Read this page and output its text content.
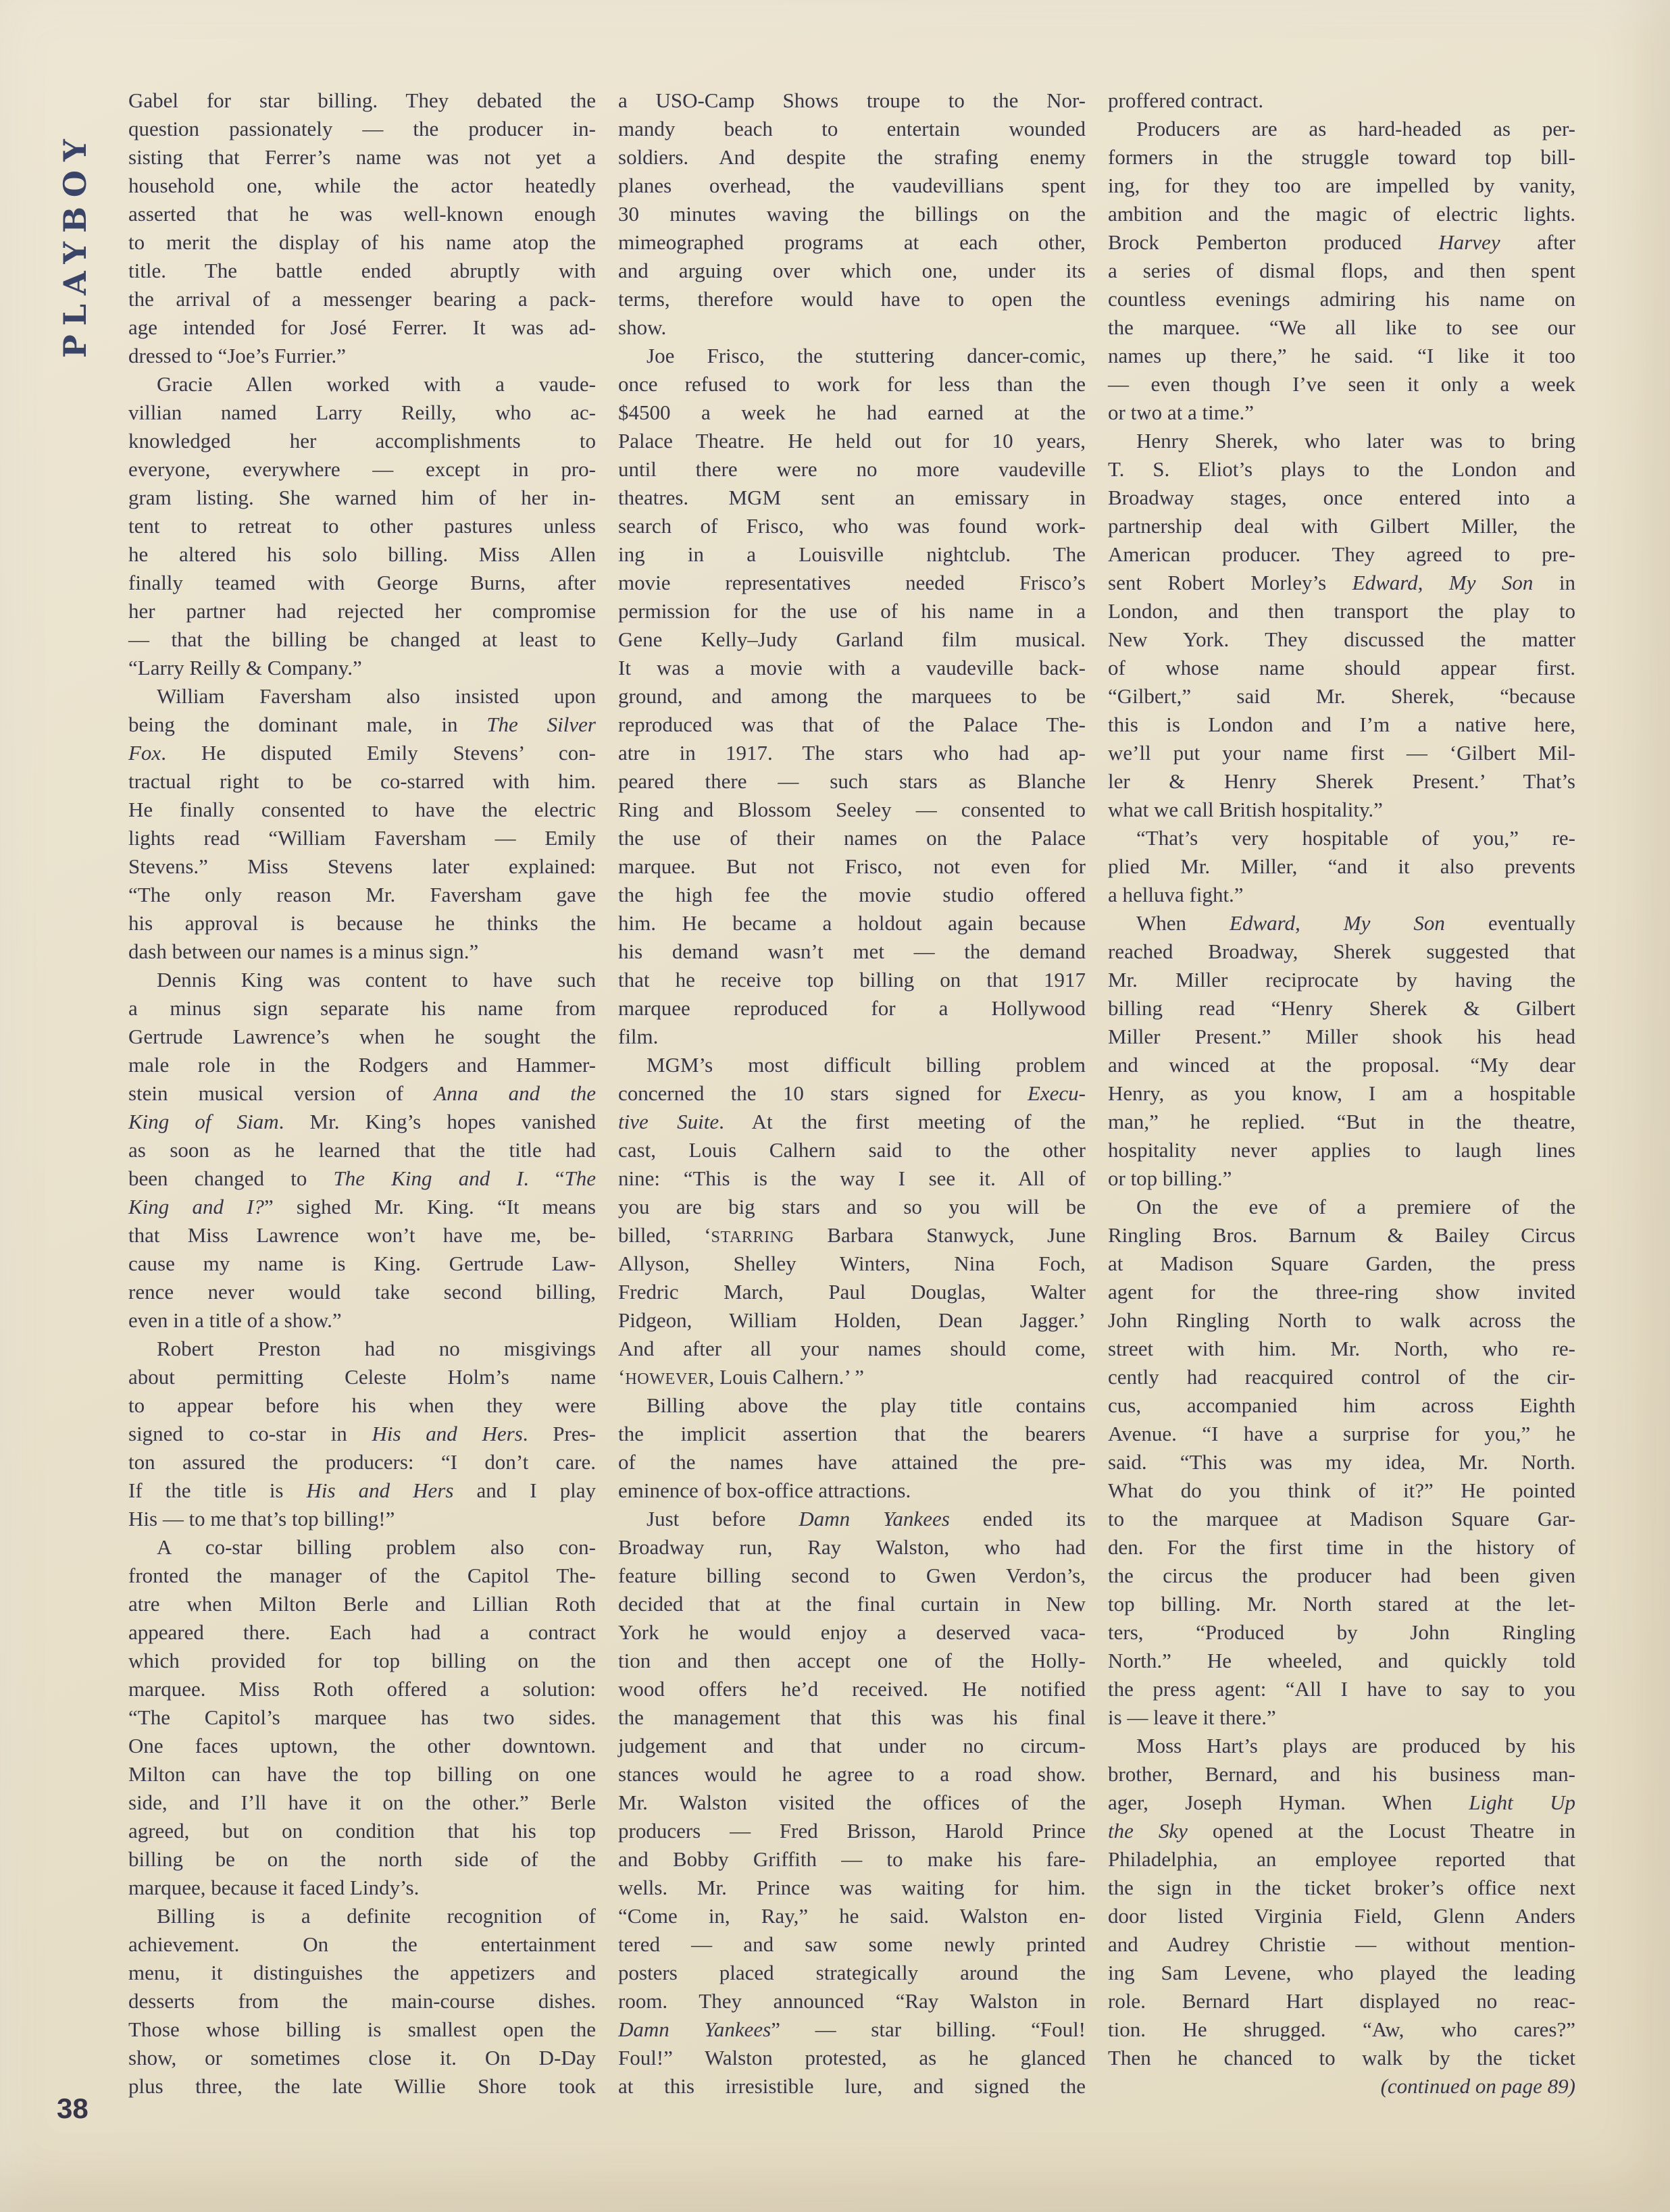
PLAYBOY
38
Gabel for star billing. They debated the
question passionately — the producer in-
sisting that Ferrer’s name was not yet a
household one, while the actor heatedly
asserted that he was well-known enough
to merit the display of his name atop the
title. The battle ended abruptly with
the arrival of a messenger bearing a pack-
age intended for José Ferrer. It was ad-
dressed to “Joe’s Furrier.”
Gracie Allen worked with a vaude-
villian named Larry Reilly, who ac-
knowledged her accomplishments to
everyone, everywhere — except in pro-
gram listing. She warned him of her in-
tent to retreat to other pastures unless
he altered his solo billing. Miss Allen
finally teamed with George Burns, after
her partner had rejected her compromise
— that the billing be changed at least to
“Larry Reilly & Company.”
William Faversham also insisted upon
being the dominant male, in The Silver
Fox. He disputed Emily Stevens’ con-
tractual right to be co-starred with him.
He finally consented to have the electric
lights read “William Faversham — Emily
Stevens.” Miss Stevens later explained:
“The only reason Mr. Faversham gave
his approval is because he thinks the
dash between our names is a minus sign.”
Dennis King was content to have such
a minus sign separate his name from
Gertrude Lawrence’s when he sought the
male role in the Rodgers and Hammer-
stein musical version of Anna and the
King of Siam. Mr. King’s hopes vanished
as soon as he learned that the title had
been changed to The King and I. “The
King and I?” sighed Mr. King. “It means
that Miss Lawrence won’t have me, be-
cause my name is King. Gertrude Law-
rence never would take second billing,
even in a title of a show.”
Robert Preston had no misgivings
about permitting Celeste Holm’s name
to appear before his when they were
signed to co-star in His and Hers. Pres-
ton assured the producers: “I don’t care.
If the title is His and Hers and I play
His — to me that’s top billing!”
A co-star billing problem also con-
fronted the manager of the Capitol The-
atre when Milton Berle and Lillian Roth
appeared there. Each had a contract
which provided for top billing on the
marquee. Miss Roth offered a solution:
“The Capitol’s marquee has two sides.
One faces uptown, the other downtown.
Milton can have the top billing on one
side, and I’ll have it on the other.” Berle
agreed, but on condition that his top
billing be on the north side of the
marquee, because it faced Lindy’s.
Billing is a definite recognition of
achievement. On the entertainment
menu, it distinguishes the appetizers and
desserts from the main-course dishes.
Those whose billing is smallest open the
show, or sometimes close it. On D-Day
plus three, the late Willie Shore took
a USO-Camp Shows troupe to the Nor-
mandy beach to entertain wounded
soldiers. And despite the strafing enemy
planes overhead, the vaudevillians spent
30 minutes waving the billings on the
mimeographed programs at each other,
and arguing over which one, under its
terms, therefore would have to open the
show.
Joe Frisco, the stuttering dancer-comic,
once refused to work for less than the
$4500 a week he had earned at the
Palace Theatre. He held out for 10 years,
until there were no more vaudeville
theatres. MGM sent an emissary in
search of Frisco, who was found work-
ing in a Louisville nightclub. The
movie representatives needed Frisco’s
permission for the use of his name in a
Gene Kelly–Judy Garland film musical.
It was a movie with a vaudeville back-
ground, and among the marquees to be
reproduced was that of the Palace The-
atre in 1917. The stars who had ap-
peared there — such stars as Blanche
Ring and Blossom Seeley — consented to
the use of their names on the Palace
marquee. But not Frisco, not even for
the high fee the movie studio offered
him. He became a holdout again because
his demand wasn’t met — the demand
that he receive top billing on that 1917
marquee reproduced for a Hollywood
film.
MGM’s most difficult billing problem
concerned the 10 stars signed for Execu-
tive Suite. At the first meeting of the
cast, Louis Calhern said to the other
nine: “This is the way I see it. All of
you are big stars and so you will be
billed, ‘STARRING Barbara Stanwyck, June
Allyson, Shelley Winters, Nina Foch,
Fredric March, Paul Douglas, Walter
Pidgeon, William Holden, Dean Jagger.’
And after all your names should come,
‘HOWEVER, Louis Calhern.’ ”
Billing above the play title contains
the implicit assertion that the bearers
of the names have attained the pre-
eminence of box-office attractions.
Just before Damn Yankees ended its
Broadway run, Ray Walston, who had
feature billing second to Gwen Verdon’s,
decided that at the final curtain in New
York he would enjoy a deserved vaca-
tion and then accept one of the Holly-
wood offers he’d received. He notified
the management that this was his final
judgement and that under no circum-
stances would he agree to a road show.
Mr. Walston visited the offices of the
producers — Fred Brisson, Harold Prince
and Bobby Griffith — to make his fare-
wells. Mr. Prince was waiting for him.
“Come in, Ray,” he said. Walston en-
tered — and saw some newly printed
posters placed strategically around the
room. They announced “Ray Walston in
Damn Yankees” — star billing. “Foul!
Foul!” Walston protested, as he glanced
at this irresistible lure, and signed the
proffered contract.
Producers are as hard-headed as per-
formers in the struggle toward top bill-
ing, for they too are impelled by vanity,
ambition and the magic of electric lights.
Brock Pemberton produced Harvey after
a series of dismal flops, and then spent
countless evenings admiring his name on
the marquee. “We all like to see our
names up there,” he said. “I like it too
— even though I’ve seen it only a week
or two at a time.”
Henry Sherek, who later was to bring
T. S. Eliot’s plays to the London and
Broadway stages, once entered into a
partnership deal with Gilbert Miller, the
American producer. They agreed to pre-
sent Robert Morley’s Edward, My Son in
London, and then transport the play to
New York. They discussed the matter
of whose name should appear first.
“Gilbert,” said Mr. Sherek, “because
this is London and I’m a native here,
we’ll put your name first — ‘Gilbert Mil-
ler & Henry Sherek Present.’ That’s
what we call British hospitality.”
“That’s very hospitable of you,” re-
plied Mr. Miller, “and it also prevents
a helluva fight.”
When Edward, My Son eventually
reached Broadway, Sherek suggested that
Mr. Miller reciprocate by having the
billing read “Henry Sherek & Gilbert
Miller Present.” Miller shook his head
and winced at the proposal. “My dear
Henry, as you know, I am a hospitable
man,” he replied. “But in the theatre,
hospitality never applies to laugh lines
or top billing.”
On the eve of a premiere of the
Ringling Bros. Barnum & Bailey Circus
at Madison Square Garden, the press
agent for the three-ring show invited
John Ringling North to walk across the
street with him. Mr. North, who re-
cently had reacquired control of the cir-
cus, accompanied him across Eighth
Avenue. “I have a surprise for you,” he
said. “This was my idea, Mr. North.
What do you think of it?” He pointed
to the marquee at Madison Square Gar-
den. For the first time in the history of
the circus the producer had been given
top billing. Mr. North stared at the let-
ters, “Produced by John Ringling
North.” He wheeled, and quickly told
the press agent: “All I have to say to you
is — leave it there.”
Moss Hart’s plays are produced by his
brother, Bernard, and his business man-
ager, Joseph Hyman. When Light Up
the Sky opened at the Locust Theatre in
Philadelphia, an employee reported that
the sign in the ticket broker’s office next
door listed Virginia Field, Glenn Anders
and Audrey Christie — without mention-
ing Sam Levene, who played the leading
role. Bernard Hart displayed no reac-
tion. He shrugged. “Aw, who cares?”
Then he chanced to walk by the ticket
(continued on page 89)
